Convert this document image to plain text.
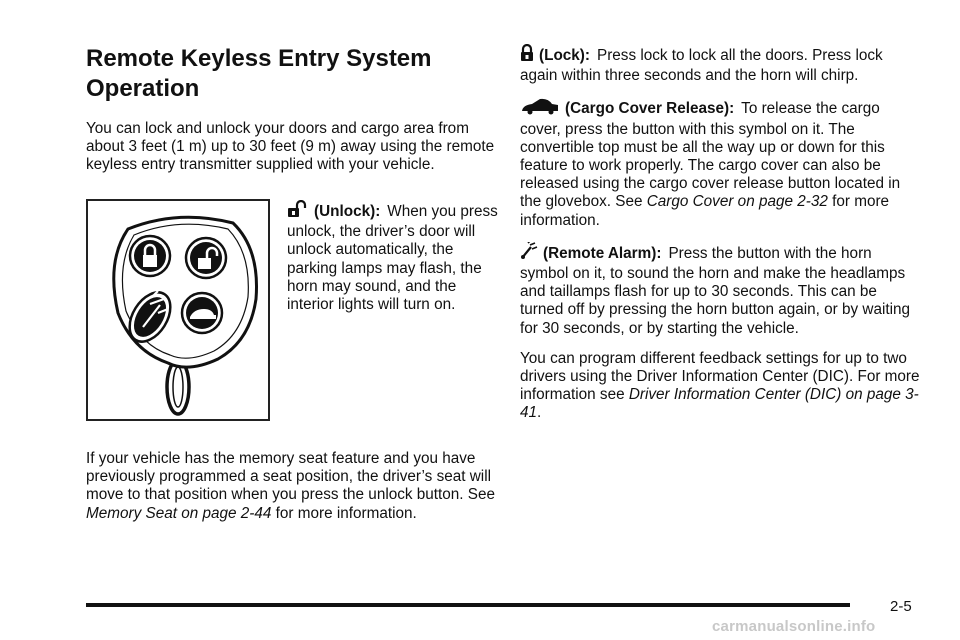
Remote Keyless Entry System
Operation

You can lock and unlock your doors and cargo area from about 3 feet (1 m) up to 30 feet (9 m) away using the remote keyless entry transmitter supplied with your vehicle.

(Unlock): When you press unlock, the driver’s door will unlock automatically, the parking lamps may flash, the horn may sound, and the interior lights will turn on.

If your vehicle has the memory seat feature and you have previously programmed a seat position, the driver’s seat will move to that position when you press the unlock button. See Memory Seat on page 2-44 for more information.

(Lock): Press lock to lock all the doors. Press lock again within three seconds and the horn will chirp.

(Cargo Cover Release): To release the cargo cover, press the button with this symbol on it. The convertible top must be all the way up or down for this feature to work properly. The cargo cover can also be released using the cargo cover release button located in the glovebox. See Cargo Cover on page 2-32 for more information.

(Remote Alarm): Press the button with the horn symbol on it, to sound the horn and make the headlamps and taillamps flash for up to 30 seconds. This can be turned off by pressing the horn button again, or by waiting for 30 seconds, or by starting the vehicle.

You can program different feedback settings for up to two drivers using the Driver Information Center (DIC). For more information see Driver Information Center (DIC) on page 3-41.

2-5
carmanualsonline.info
